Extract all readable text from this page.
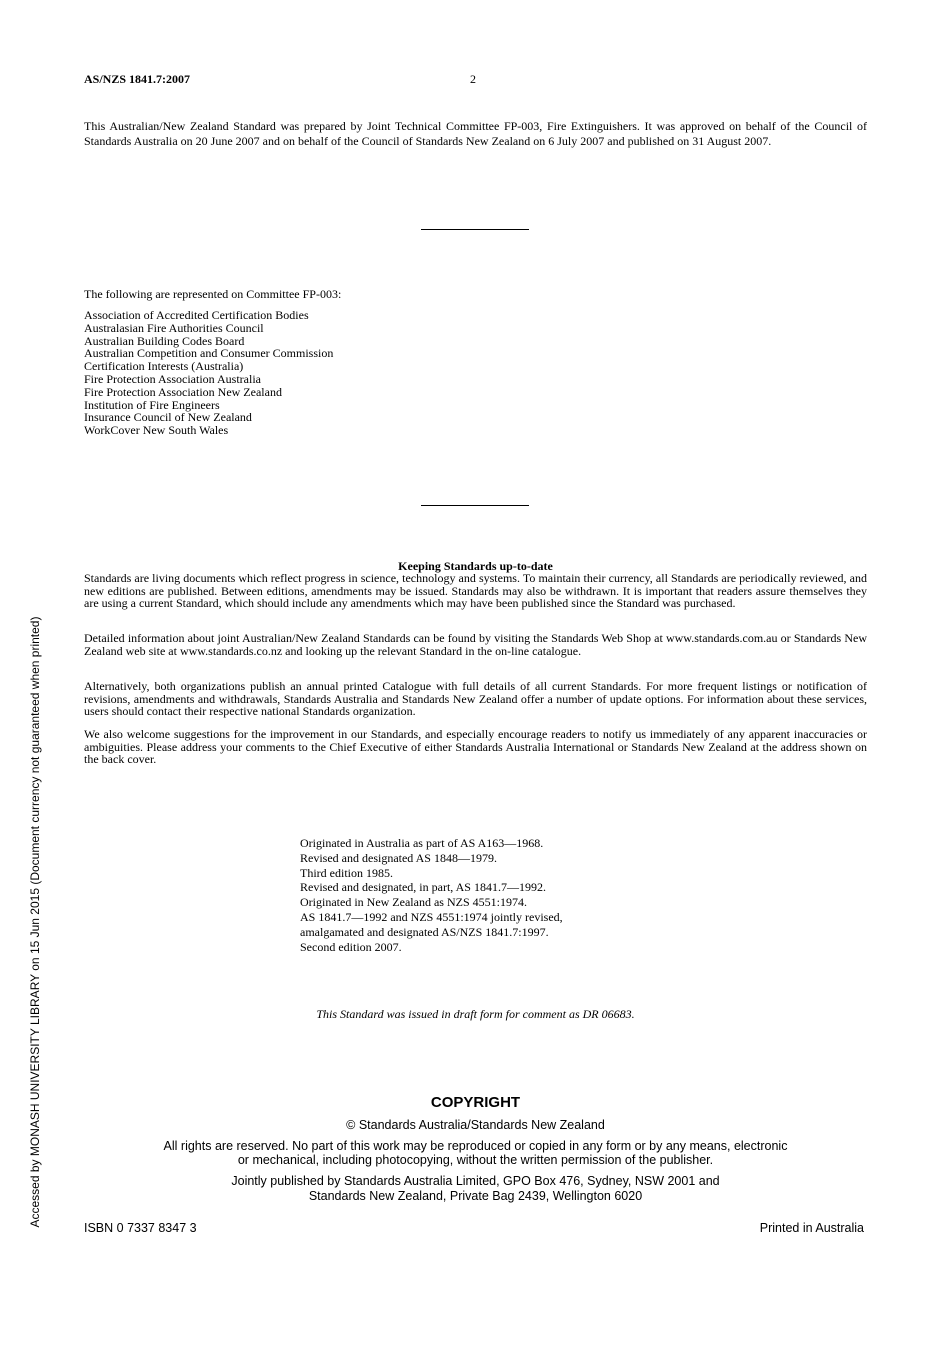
AS/NZS 1841.7:2007	2
This Australian/New Zealand Standard was prepared by Joint Technical Committee FP-003, Fire Extinguishers. It was approved on behalf of the Council of Standards Australia on 20 June 2007 and on behalf of the Council of Standards New Zealand on 6 July 2007 and published on 31 August 2007.
The following are represented on Committee FP-003:
Association of Accredited Certification Bodies
Australasian Fire Authorities Council
Australian Building Codes Board
Australian Competition and Consumer Commission
Certification Interests (Australia)
Fire Protection Association Australia
Fire Protection Association New Zealand
Institution of Fire Engineers
Insurance Council of New Zealand
WorkCover New South Wales
Keeping Standards up-to-date
Standards are living documents which reflect progress in science, technology and systems. To maintain their currency, all Standards are periodically reviewed, and new editions are published. Between editions, amendments may be issued. Standards may also be withdrawn. It is important that readers assure themselves they are using a current Standard, which should include any amendments which may have been published since the Standard was purchased.
Detailed information about joint Australian/New Zealand Standards can be found by visiting the Standards Web Shop at www.standards.com.au or Standards New Zealand web site at www.standards.co.nz and looking up the relevant Standard in the on-line catalogue.
Alternatively, both organizations publish an annual printed Catalogue with full details of all current Standards. For more frequent listings or notification of revisions, amendments and withdrawals, Standards Australia and Standards New Zealand offer a number of update options. For information about these services, users should contact their respective national Standards organization.
We also welcome suggestions for the improvement in our Standards, and especially encourage readers to notify us immediately of any apparent inaccuracies or ambiguities. Please address your comments to the Chief Executive of either Standards Australia International or Standards New Zealand at the address shown on the back cover.
Originated in Australia as part of AS A163—1968.
Revised and designated AS 1848—1979.
Third edition 1985.
Revised and designated, in part, AS 1841.7—1992.
Originated in New Zealand as NZS 4551:1974.
AS 1841.7—1992 and NZS 4551:1974 jointly revised,
amalgamated and designated AS/NZS 1841.7:1997.
Second edition 2007.
This Standard was issued in draft form for comment as DR 06683.
COPYRIGHT
© Standards Australia/Standards New Zealand
All rights are reserved. No part of this work may be reproduced or copied in any form or by any means, electronic
or mechanical, including photocopying, without the written permission of the publisher.
Jointly published by Standards Australia Limited, GPO Box 476, Sydney, NSW 2001 and
Standards New Zealand, Private Bag 2439, Wellington 6020
ISBN 0 7337 8347 3	Printed in Australia
Accessed by MONASH UNIVERSITY LIBRARY on 15 Jun 2015 (Document currency not guaranteed when printed)
